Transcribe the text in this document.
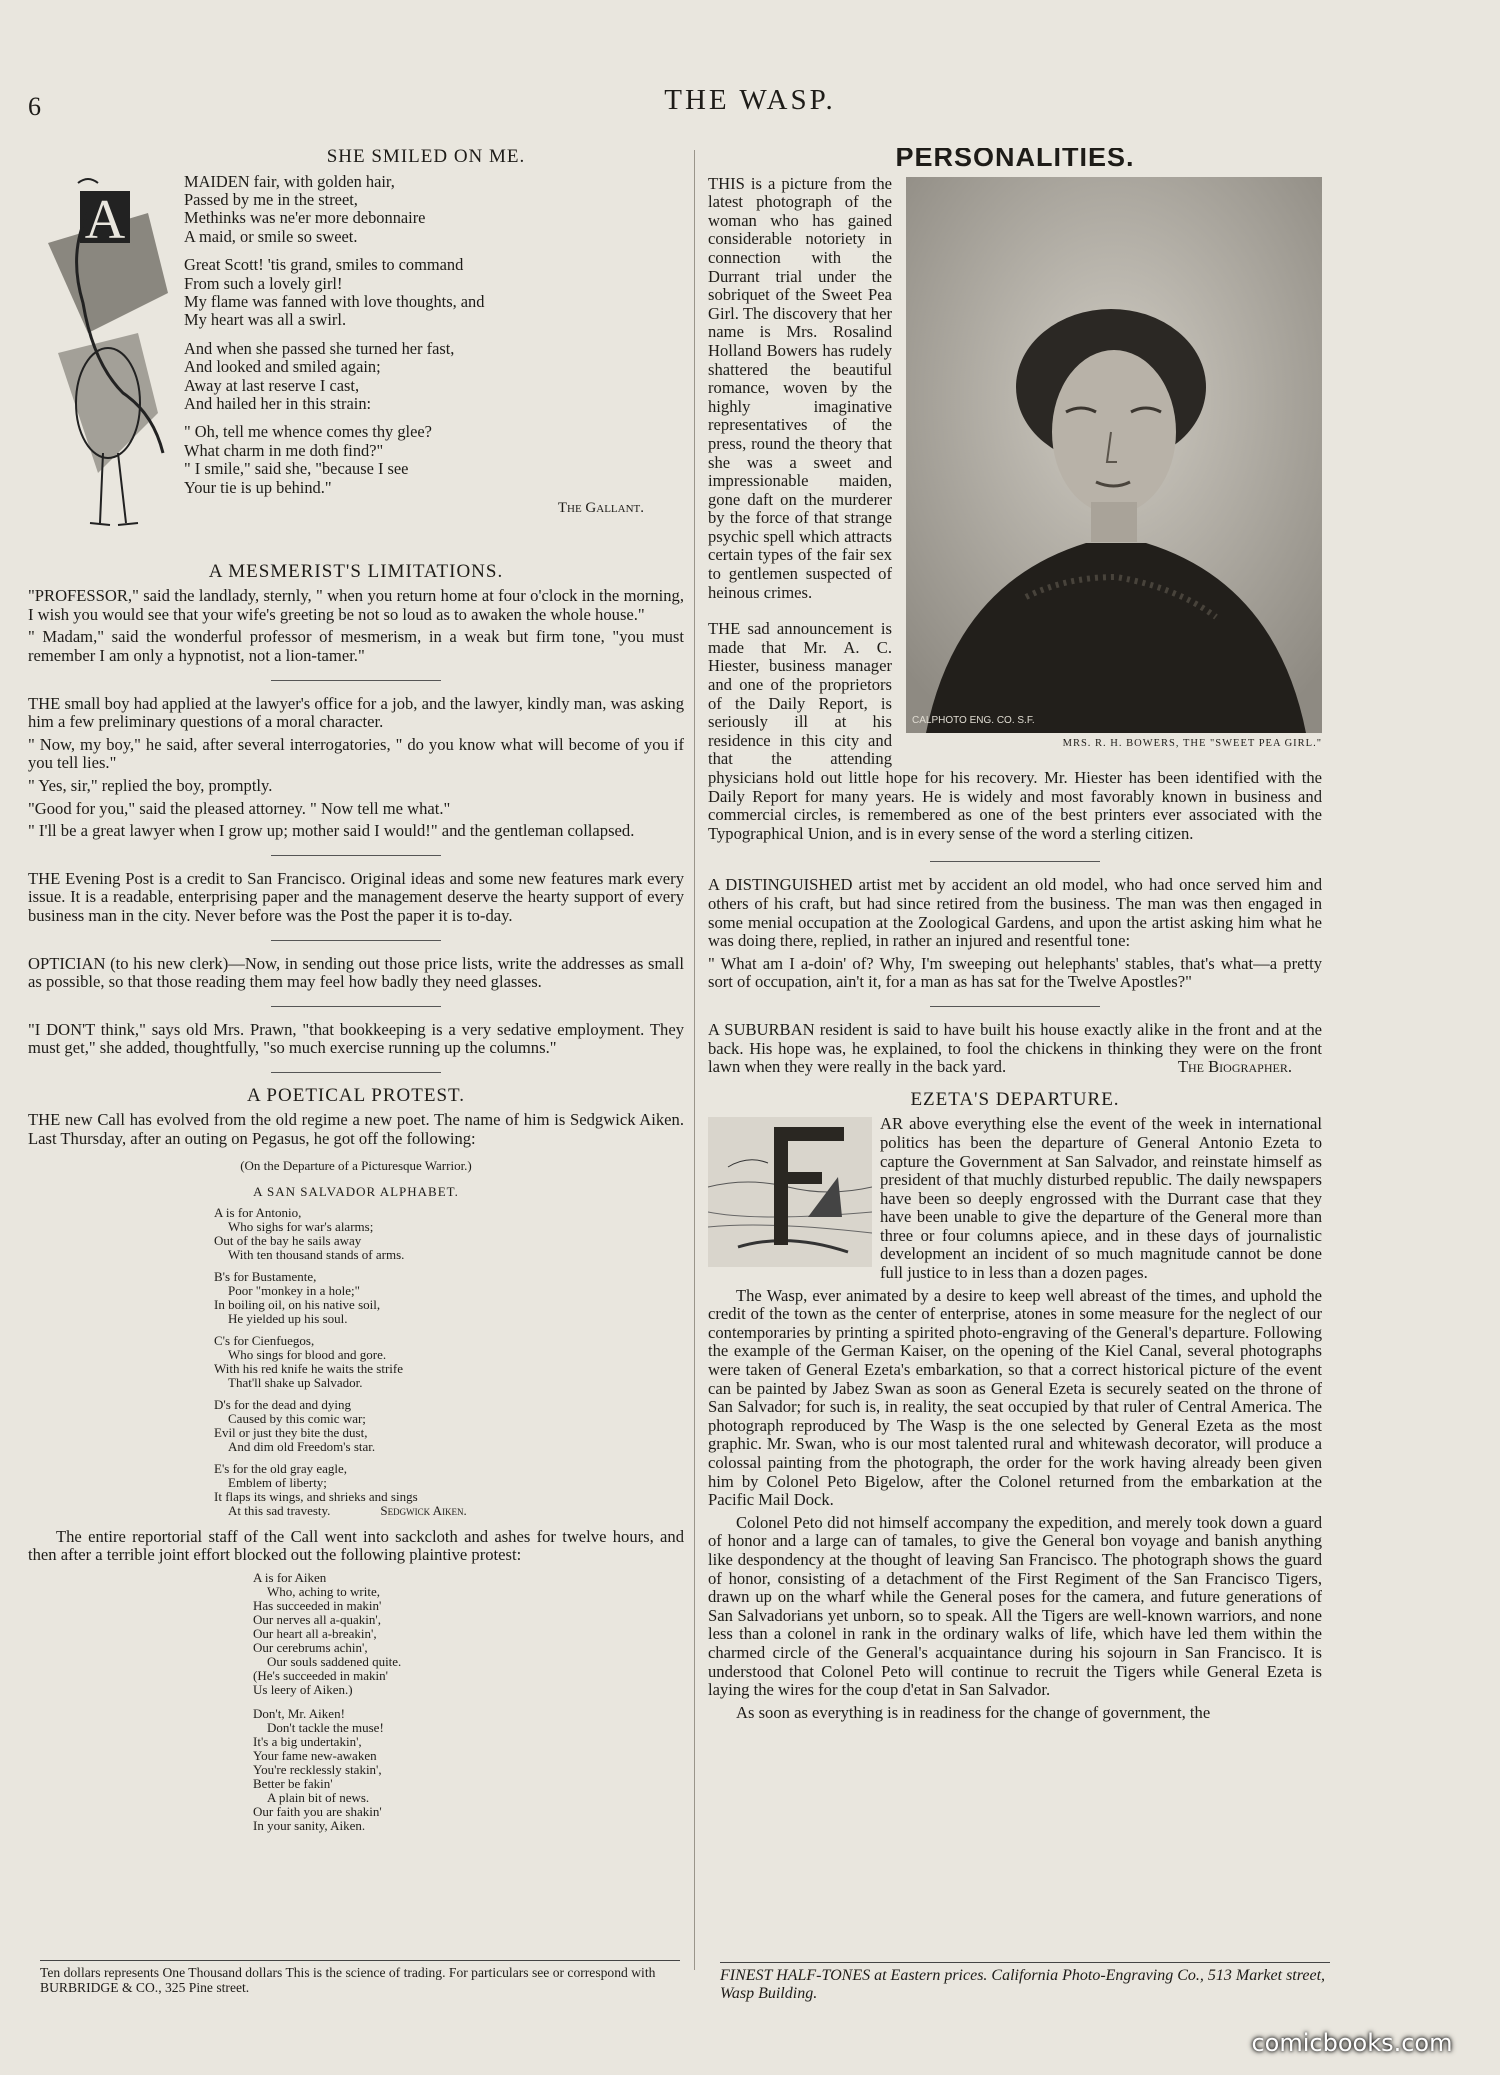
6	THE WASP.
SHE SMILED ON ME.
A
MAIDEN fair, with golden hair,
Passed by me in the street,
Methinks was ne'er more debonnaire
A maid, or smile so sweet.
Great Scott! 'tis grand, smiles to command
From such a lovely girl!
My flame was fanned with love thoughts, and
My heart was all a swirl.
And when she passed she turned her fast,
And looked and smiled again;
Away at last reserve I cast,
And hailed her in this strain:
" Oh, tell me whence comes thy glee?
What charm in me doth find?"
" I smile," said she, "because I see
Your tie is up behind."
The Gallant.
A MESMERIST'S LIMITATIONS.

"PROFESSOR," said the landlady, sternly, " when you return home at four o'clock in the morning, I wish you would see that your wife's greeting be not so loud as to awaken the whole house."

" Madam," said the wonderful professor of mesmerism, in a weak but firm tone, "you must remember I am only a hypnotist, not a lion-tamer."

THE small boy had applied at the lawyer's office for a job, and the lawyer, kindly man, was asking him a few preliminary questions of a moral character.

" Now, my boy," he said, after several interrogatories, " do you know what will become of you if you tell lies."

" Yes, sir," replied the boy, promptly.

"Good for you," said the pleased attorney. " Now tell me what."

" I'll be a great lawyer when I grow up; mother said I would!" and the gentleman collapsed.

THE Evening Post is a credit to San Francisco. Original ideas and some new features mark every issue. It is a readable, enterprising paper and the management deserve the hearty support of every business man in the city. Never before was the Post the paper it is to-day.

OPTICIAN (to his new clerk)—Now, in sending out those price lists, write the addresses as small as possible, so that those reading them may feel how badly they need glasses.

"I DON'T think," says old Mrs. Prawn, "that bookkeeping is a very sedative employment. They must get," she added, thoughtfully, "so much exercise running up the columns."

A POETICAL PROTEST.

THE new Call has evolved from the old regime a new poet. The name of him is Sedgwick Aiken. Last Thursday, after an outing on Pegasus, he got off the following:

(On the Departure of a Picturesque Warrior.)
A SAN SALVADOR ALPHABET.
A is for Antonio,
Who sighs for war's alarms;
Out of the bay he sails away
With ten thousand stands of arms.
B's for Bustamente,
Poor "monkey in a hole;"
In boiling oil, on his native soil,
He yielded up his soul.
C's for Cienfuegos,
Who sings for blood and gore.
With his red knife he waits the strife
That'll shake up Salvador.
D's for the dead and dying
Caused by this comic war;
Evil or just they bite the dust,
And dim old Freedom's star.
E's for the old gray eagle,
Emblem of liberty;
It flaps its wings, and shrieks and sings
At this sad travesty.	Sedgwick Aiken.

The entire reportorial staff of the Call went into sackcloth and ashes for twelve hours, and then after a terrible joint effort blocked out the following plaintive protest:

A is for Aiken
Who, aching to write,
Has succeeded in makin'
Our nerves all a-quakin',
Our heart all a-breakin',
Our cerebrums achin',
Our souls saddened quite.
(He's succeeded in makin'
Us leery of Aiken.)
Don't, Mr. Aiken!
Don't tackle the muse!
It's a big undertakin',
Your fame new-awaken
You're recklessly stakin',
Better be fakin'
A plain bit of news.
Our faith you are shakin'
In your sanity, Aiken.
PERSONALITIES.
CALPHOTO ENG. CO. S.F.
MRS. R. H. BOWERS, THE "SWEET PEA GIRL."

THIS is a picture from the latest photograph of the woman who has gained considerable notoriety in connection with the Durrant trial under the sobriquet of the Sweet Pea Girl. The discovery that her name is Mrs. Rosalind Holland Bowers has rudely shattered the beautiful romance, woven by the highly imaginative representatives of the press, round the theory that she was a sweet and impressionable maiden, gone daft on the murderer by the force of that strange psychic spell which attracts certain types of the fair sex to gentlemen suspected of heinous crimes.

THE sad announcement is made that Mr. A. C. Hiester, business manager and one of the proprietors of the Daily Report, is seriously ill at his residence in this city and that the attending physicians hold out little hope for his recovery. Mr. Hiester has been identified with the Daily Report for many years. He is widely and most favorably known in business and commercial circles, is remembered as one of the best printers ever associated with the Typographical Union, and is in every sense of the word a sterling citizen.

A DISTINGUISHED artist met by accident an old model, who had once served him and others of his craft, but had since retired from the business. The man was then engaged in some menial occupation at the Zoological Gardens, and upon the artist asking him what he was doing there, replied, in rather an injured and resentful tone:

" What am I a-doin' of? Why, I'm sweeping out helephants' stables, that's what—a pretty sort of occupation, ain't it, for a man as has sat for the Twelve Apostles?"

A SUBURBAN resident is said to have built his house exactly alike in the front and at the back. His hope was, he explained, to fool the chickens in thinking they were on the front lawn when they were really in the back yard.	The Biographer.

EZETA'S DEPARTURE.

AR above everything else the event of the week in international politics has been the departure of General Antonio Ezeta to capture the Government at San Salvador, and reinstate himself as president of that muchly disturbed republic. The daily newspapers have been so deeply engrossed with the Durrant case that they have been unable to give the departure of the General more than three or four columns apiece, and in these days of journalistic development an incident of so much magnitude cannot be done full justice to in less than a dozen pages.

The Wasp, ever animated by a desire to keep well abreast of the times, and uphold the credit of the town as the center of enterprise, atones in some measure for the neglect of our contemporaries by printing a spirited photo-engraving of the General's departure. Following the example of the German Kaiser, on the opening of the Kiel Canal, several photographs were taken of General Ezeta's embarkation, so that a correct historical picture of the event can be painted by Jabez Swan as soon as General Ezeta is securely seated on the throne of San Salvador; for such is, in reality, the seat occupied by that ruler of Central America. The photograph reproduced by The Wasp is the one selected by General Ezeta as the most graphic. Mr. Swan, who is our most talented rural and whitewash decorator, will produce a colossal painting from the photograph, the order for the work having already been given him by Colonel Peto Bigelow, after the Colonel returned from the embarkation at the Pacific Mail Dock.

Colonel Peto did not himself accompany the expedition, and merely took down a guard of honor and a large can of tamales, to give the General bon voyage and banish anything like despondency at the thought of leaving San Francisco. The photograph shows the guard of honor, consisting of a detachment of the First Regiment of the San Francisco Tigers, drawn up on the wharf while the General poses for the camera, and future generations of San Salvadorians yet unborn, so to speak. All the Tigers are well-known warriors, and none less than a colonel in rank in the ordinary walks of life, which have led them within the charmed circle of the General's acquaintance during his sojourn in San Francisco. It is understood that Colonel Peto will continue to recruit the Tigers while General Ezeta is laying the wires for the coup d'etat in San Salvador.

As soon as everything is in readiness for the change of government, the

Ten dollars represents One Thousand dollars This is the science of trading. For particulars see or correspond with BURBRIDGE & CO., 325 Pine street.
FINEST HALF-TONES at Eastern prices. California Photo-Engraving Co., 513 Market street, Wasp Building.
comicbooks.com
